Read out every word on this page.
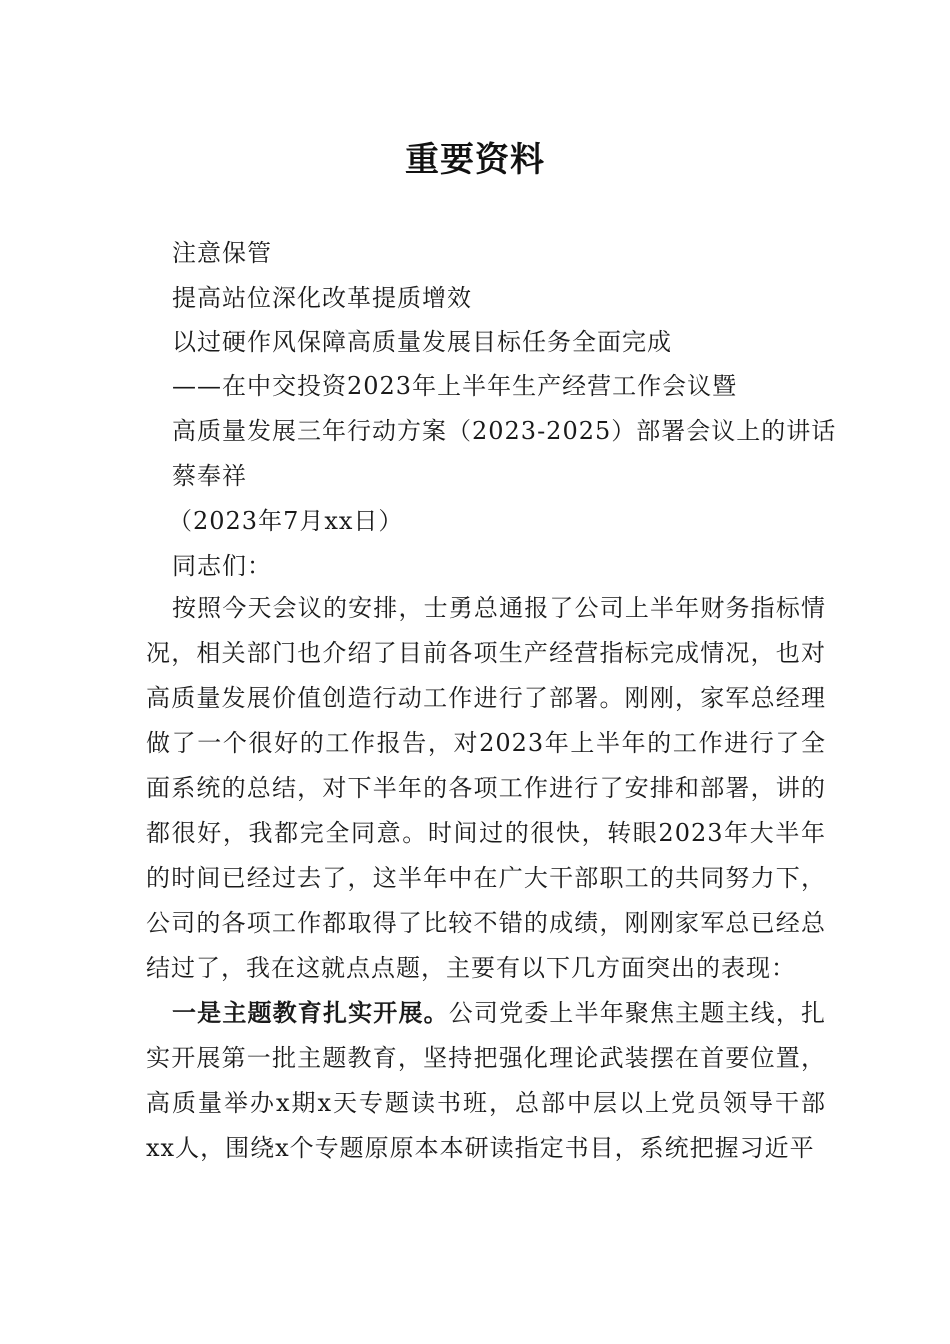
重要资料
注意保管
提高站位深化改革提质增效
以过硬作风保障高质量发展目标任务全面完成
——在中交投资2023年上半年生产经营工作会议暨
高质量发展三年行动方案（2023-2025）部署会议上的讲话
蔡奉祥
（2023年7月xx日）
同志们：

按照今天会议的安排，士勇总通报了公司上半年财务指标情况，相关部门也介绍了目前各项生产经营指标完成情况，也对高质量发展价值创造行动工作进行了部署。刚刚，家军总经理做了一个很好的工作报告，对2023年上半年的工作进行了全面系统的总结，对下半年的各项工作进行了安排和部署，讲的都很好，我都完全同意。时间过的很快，转眼2023年大半年的时间已经过去了，这半年中在广大干部职工的共同努力下，公司的各项工作都取得了比较不错的成绩，刚刚家军总已经总结过了，我在这就点点题，主要有以下几方面突出的表现：

一是主题教育扎实开展。公司党委上半年聚焦主题主线，扎实开展第一批主题教育，坚持把强化理论武装摆在首要位置，高质量举办x期x天专题读书班，总部中层以上党员领导干部xx人，围绕x个专题原原本本研读指定书目，系统把握习近平
